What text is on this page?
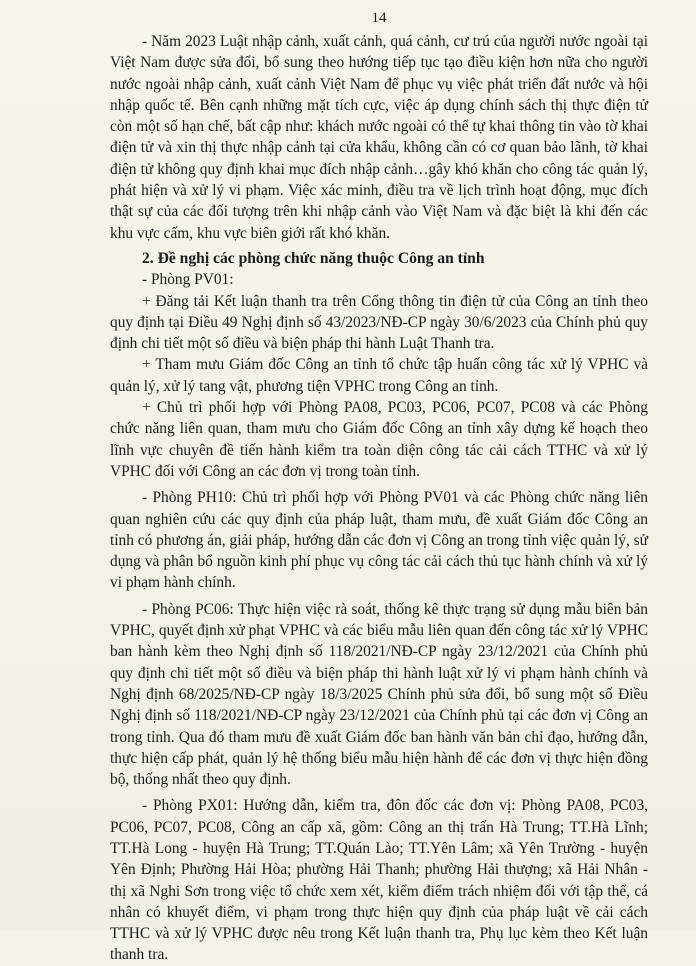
14

- Năm 2023 Luật nhập cảnh, xuất cảnh, quá cảnh, cư trú của người nước ngoài tại Việt Nam được sửa đổi, bổ sung theo hướng tiếp tục tạo điều kiện hơn nữa cho người nước ngoài nhập cảnh, xuất cảnh Việt Nam để phục vụ việc phát triển đất nước và hội nhập quốc tế. Bên cạnh những mặt tích cực, việc áp dụng chính sách thị thực điện tử còn một số hạn chế, bất cập như: khách nước ngoài có thể tự khai thông tin vào tờ khai điện tử và xin thị thực nhập cảnh tại cửa khẩu, không cần có cơ quan bảo lãnh, tờ khai điện tử không quy định khai mục đích nhập cảnh…gây khó khăn cho công tác quản lý, phát hiện và xử lý vi phạm. Việc xác minh, điều tra về lịch trình hoạt động, mục đích thật sự của các đối tượng trên khi nhập cảnh vào Việt Nam và đặc biệt là khi đến các khu vực cấm, khu vực biên giới rất khó khăn.

2. Đề nghị các phòng chức năng thuộc Công an tỉnh

- Phòng PV01:

+ Đăng tải Kết luận thanh tra trên Cổng thông tin điện tử của Công an tỉnh theo quy định tại Điều 49 Nghị định số 43/2023/NĐ-CP ngày 30/6/2023 của Chính phủ quy định chi tiết một số điều và biện pháp thi hành Luật Thanh tra.

+ Tham mưu Giám đốc Công an tỉnh tổ chức tập huấn công tác xử lý VPHC và quản lý, xử lý tang vật, phương tiện VPHC trong Công an tỉnh.

+ Chủ trì phối hợp với Phòng PA08, PC03, PC06, PC07, PC08 và các Phòng chức năng liên quan, tham mưu cho Giám đốc Công an tỉnh xây dựng kế hoạch theo lĩnh vực chuyên đề tiến hành kiểm tra toàn diện công tác cải cách TTHC và xử lý VPHC đối với Công an các đơn vị trong toàn tỉnh.

- Phòng PH10: Chủ trì phối hợp với Phòng PV01 và các Phòng chức năng liên quan nghiên cứu các quy định của pháp luật, tham mưu, đề xuất Giám đốc Công an tỉnh có phương án, giải pháp, hướng dẫn các đơn vị Công an trong tỉnh việc quản lý, sử dụng và phân bổ nguồn kinh phí phục vụ công tác cải cách thủ tục hành chính và xử lý vi phạm hành chính.

- Phòng PC06: Thực hiện việc rà soát, thống kê thực trạng sử dụng mẫu biên bản VPHC, quyết định xử phạt VPHC và các biểu mẫu liên quan đến công tác xử lý VPHC ban hành kèm theo Nghị định số 118/2021/NĐ-CP ngày 23/12/2021 của Chính phủ quy định chi tiết một số điều và biện pháp thi hành luật xử lý vi phạm hành chính và Nghị định 68/2025/NĐ-CP ngày 18/3/2025 Chính phủ sửa đổi, bổ sung một số Điều Nghị định số 118/2021/NĐ-CP ngày 23/12/2021 của Chính phủ tại các đơn vị Công an trong tỉnh. Qua đó tham mưu đề xuất Giám đốc ban hành văn bản chỉ đạo, hướng dẫn, thực hiện cấp phát, quản lý hệ thống biểu mẫu hiện hành để các đơn vị thực hiện đồng bộ, thống nhất theo quy định.

- Phòng PX01: Hướng dẫn, kiểm tra, đôn đốc các đơn vị: Phòng PA08, PC03, PC06, PC07, PC08, Công an cấp xã, gồm: Công an thị trấn Hà Trung; TT.Hà Lĩnh; TT.Hà Long - huyện Hà Trung; TT.Quán Lào; TT.Yên Lâm; xã Yên Trường - huyện Yên Định; Phường Hải Hòa; phường Hải Thanh; phường Hải thượng; xã Hải Nhân - thị xã Nghi Sơn trong việc tổ chức xem xét, kiểm điểm trách nhiệm đối với tập thể, cá nhân có khuyết điểm, vi phạm trong thực hiện quy định của pháp luật về cải cách TTHC và xử lý VPHC được nêu trong Kết luận thanh tra, Phụ lục kèm theo Kết luận thanh tra.
